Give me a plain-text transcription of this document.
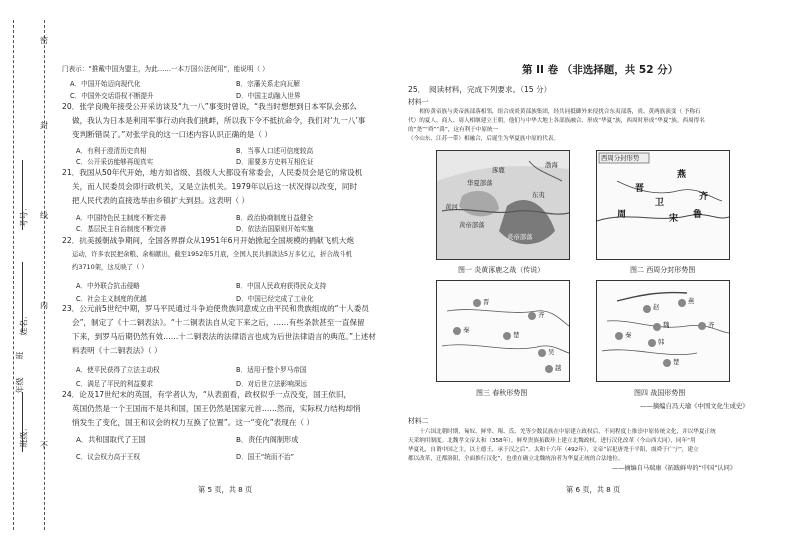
密
封
线
内
不
考号：
姓名：
班级：
年级
班
门表示：“推戴中国为盟主，为此……一本万国公法何用”，能说明（ ）
A．中国开始迈向现代化	B．宗藩关系走向瓦解
C．中国外交话语权不断提升	D．中国主动融入世界
20．张学良晚年接受公开采访谈及“九一八”事变时曾说，“我当时想想到日本军队会那么
做，我认为日本是利用军事行动向我们挑衅，所以我下令不抵抗命令，我们对‘九一八’事
变判断错误了。”对张学良的这一口述内容认识正确的是（ ）
A．有利于澄清历史真相	B．当事人口述可信度较高
C．公开采访能够再现真实	D．需要多方史料互相佐证
21．我国从50年代开始，地方如省级、县级人大都设有常委会，人民委员会是它的常设机
关，而人民委员会即行政机关，又是立法机关。1979年以后这一状况得以改变，同时
把人民代表的直接选举由乡镇扩大到县。这表明（ ）
A．中国特色民主制度不断完善	B．政治协商制度日益健全
C．基层民主自治制度不断完善	D．依法治国原则开始实施
22．抗美援朝战争期间，全国各界群众从1951年6月开始掀起全国规模的捐献飞机大炮
运动，许多农民把余粮、余棉献出，截至1952年5月底，全国人民共捐款达5万多亿元，折合战斗机
约3710架，这反映了（ ）
A．中外联合抗击侵略	B．中国人民政府获得民众支持
C．社会主义制度的优越	D．中国已经完成了工业化
23．公元前5世纪中期，罗马平民通过斗争迫使贵族同意成立由平民和贵族组成的“十人委员
会”，制定了《十二铜表法》。“十二铜表法自从定下来之后，……有些条款甚至一直保留
下来，到罗马后期仍然有效……十二铜表法的法律语言也成为后世法律语言的典范。”上述材
料表明《十二铜表法》（ ）
A．使平民获得了立法主动权	B．适用于整个罗马帝国
C．满足了平民的利益要求	D．对后世立法影响深远
24．论及17世纪末的英国，有学者认为，“从表面看，政权似乎一点没变，国王依旧，
英国仍然是一个王国而不是共和国，国王仍然是国家元首……然而，实际权力结构却悄
悄发生了变化，国王和议会的权力互换了位置”。这一“变化”表现在（ ）
A．共和国取代了王国	B．责任内阁制形成
C．议会权力高于王权	D．国王“统而不治”
第 5 页，共 8 页
第 II 卷 （非选择题，共 52 分）
25．　阅读材料，完成下列要求。（15 分）
材料一
　　相传黄帝族与炎帝族部落相邻，组合成炎黄部族集团，经共同抵御外来侵扰合东夷部落，炎、黄两族演变（ 予称石
代）的夏人、商人、周人相继建立王朝，他们与中华大地上各部族融合、形成“华夏”族，西周时形成“华夏”族。西周得名
的“尧”“舜”“禹”，这有利于中原统一
（今山东、江苏一带）相融合，后诞生为华夏族中原的代表。
华夏部落
东夷
黄帝部落
炎帝部落
涿鹿
渤海
黄河
图一 炎黄涿鹿之战（传说）
西周分封形势
燕
齐
鲁
宋
卫
晋
周
图二 西周分封形势图
晋
齐
楚
秦
吴
越
图三 春秋形势图
赵
燕
秦
魏
韩
楚
齐
图四 战国形势图
——摘编自冯天瑜《中国文化生成史》
材料二
　　十六国北朝时期，匈奴、鲜卑、羯、氐、羌等少数民族在中原建立政权后，不同程度上推崇中原传统文化，并以华夏正统
天采纳用制度。北魏孝文帝太和（358年），鲜卑贵族拓跋珪上建立北魏政权，进行汉化改革（今山西大同），同年“用
华夏礼，自谓中国之主，以土德王，承于汉之后”。太和十六年（492年），文帝“诏祀唐尧于平阳，虞舜于广宁”，建立
都以改革，迁都洛阳，全面推行汉化”，也重在确立北魏统治者为华夏正统的合法地位。
——摘编自马瑞康《拓跋鲜卑的“中国”认同》
第 6 页，共 8 页
